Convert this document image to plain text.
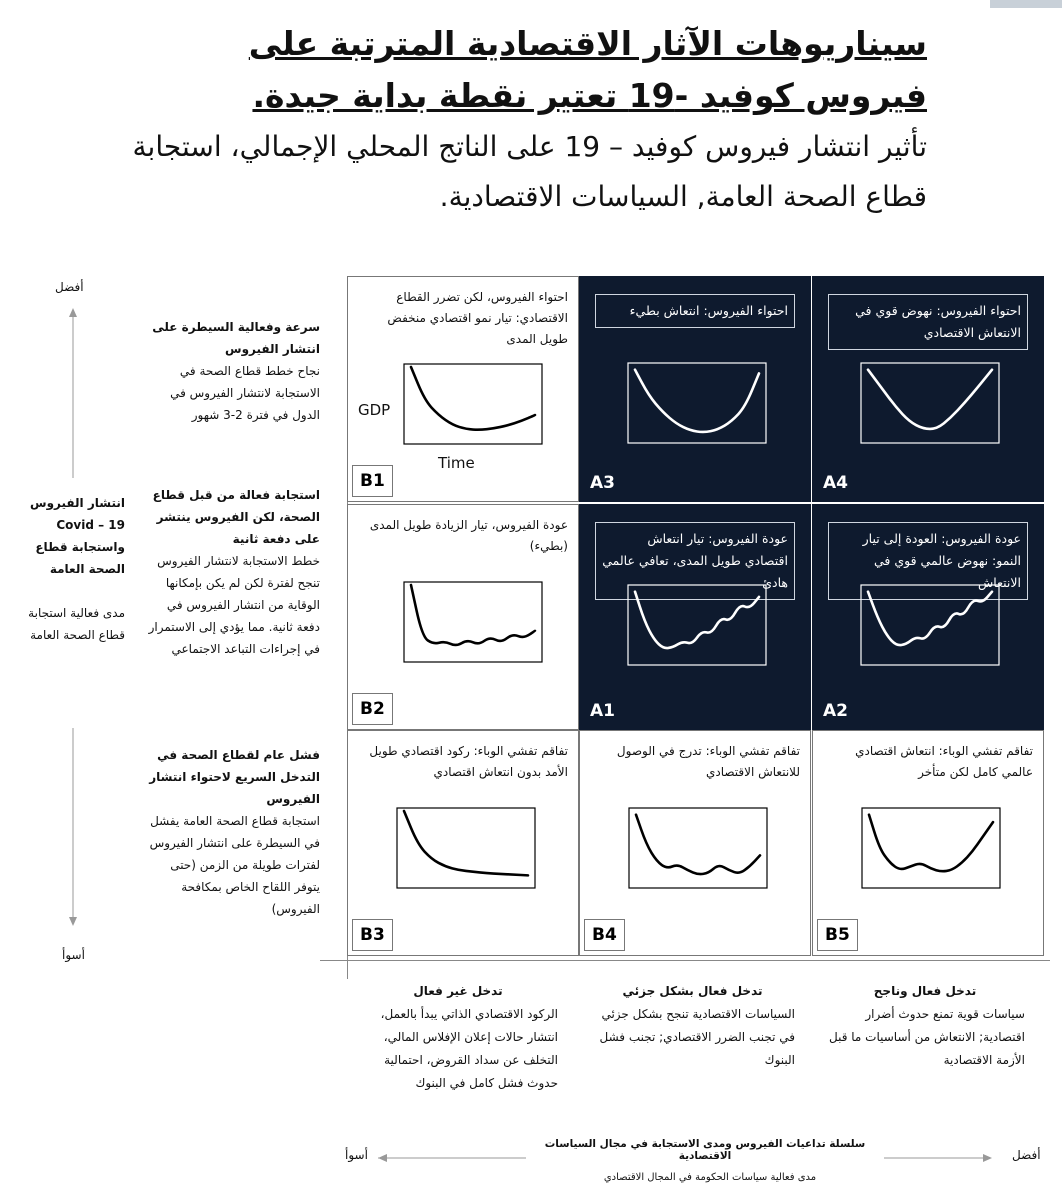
سيناريوهات الآثار الاقتصادية المترتبة على فيروس كوفيد -19 تعتير نقطة بداية جيدة.
تأثير انتشار فيروس كوفيد – 19 على الناتج المحلي الإجمالي، استجابة قطاع الصحة العامة, السياسات الاقتصادية.
أفضل
أسوأ
انتشار الفيروس Covid – 19 واستجابة قطاع الصحة العامة
مدى فعالية استجابة قطاع الصحة العامة
سرعة وفعالية السيطرة على انتشار الفيروس
نجاح خطط قطاع الصحة في الاستجابة لانتشار الفيروس في الدول في فترة 2-3 شهور
استجابة فعالة من قبل قطاع الصحة، لكن الفيروس ينتشر على دفعة ثانية
خطط الاستجابة لانتشار الفيروس تنجح لفترة لكن لم يكن بإمكانها الوقاية من انتشار الفيروس في دفعة ثانية. مما يؤدي إلى الاستمرار في إجراءات التباعد الاجتماعي
فشل عام لقطاع الصحة في التدخل السريع لاحتواء انتشار الفيروس
استجابة قطاع الصحة العامة يفشل في السيطرة على انتشار الفيروس لفترات طويلة من الزمن (حتى يتوفر اللقاح الخاص بمكافحة الفيروس)
احتواء الفيروس، لكن تضرر القطاع الاقتصادي: تيار نمو اقتصادي منخفض طويل المدى
GDP
Time
B1
احتواء الفيروس: انتعاش بطيء
A3
احتواء الفيروس: نهوض قوي في الانتعاش الاقتصادي
A4
عودة الفيروس، تيار الزيادة طويل المدى (بطيء)
B2
عودة الفيروس: تيار انتعاش اقتصادي طويل المدى، تعافي عالمي هادئ
A1
عودة الفيروس: العودة إلى تيار النمو: نهوض عالمي قوي في الانتعاش
A2
تفاقم تفشي الوباء: ركود اقتصادي طويل الأمد بدون انتعاش اقتصادي
B3
تفاقم تفشي الوباء: تدرج في الوصول للانتعاش الاقتصادي
B4
تفاقم تفشي الوباء: انتعاش اقتصادي عالمي كامل لكن متأخر
B5
تدخل غير فعال
الركود الاقتصادي الذاتي يبدأ بالعمل، انتشار حالات إعلان الإفلاس المالي، التخلف عن سداد القروض، احتمالية حدوث فشل كامل في البنوك
تدخل فعال بشكل جزئي
السياسات الاقتصادية تنجح بشكل جزئي في تجنب الضرر الاقتصادي; تجنب فشل البنوك
تدخل فعال وناجح
سياسات قوية تمنع حدوث أضرار اقتصادية; الانتعاش من أساسيات ما قبل الأزمة الاقتصادية
أسوأ	أفضل
سلسلة تداعيات الفيروس ومدى الاستجابة في مجال السياسات الاقتصادية
مدى فعالية سياسات الحكومة في المجال الاقتصادي
